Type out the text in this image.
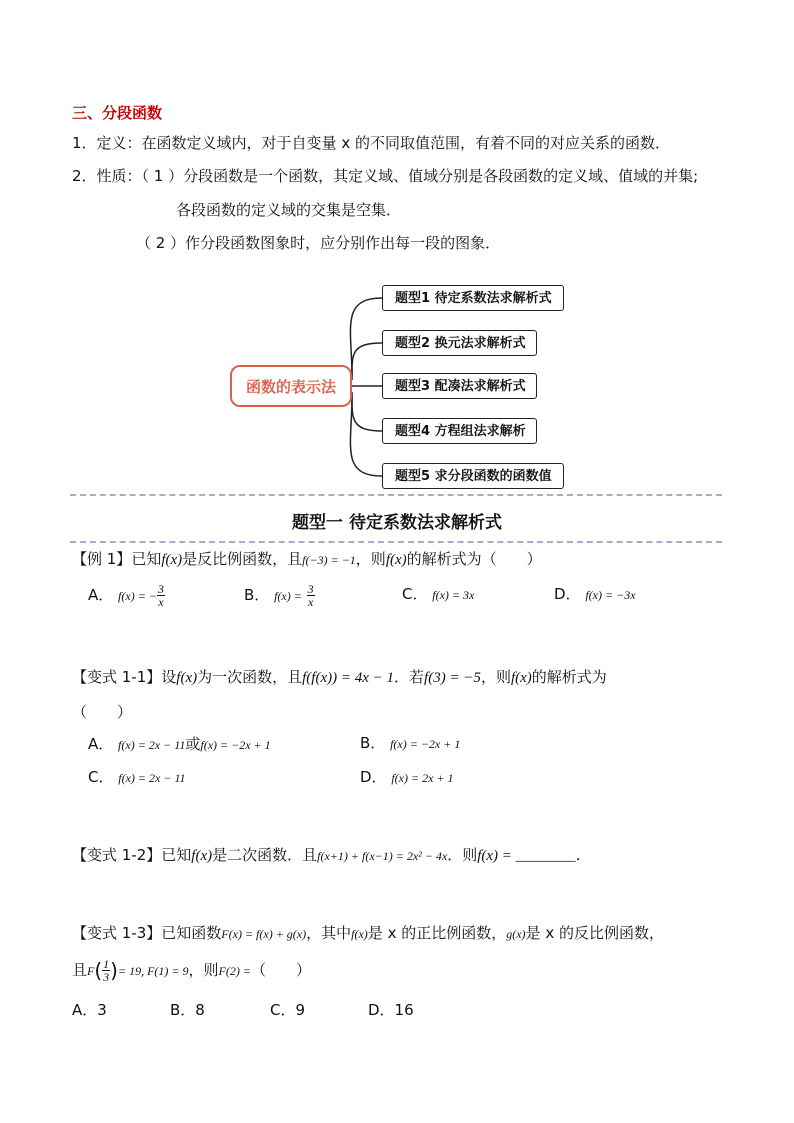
三、分段函数
1．定义：在函数定义域内，对于自变量 x 的不同取值范围，有着不同的对应关系的函数．
2．性质：（ 1 ）分段函数是一个函数，其定义域、值域分别是各段函数的定义域、值域的并集;
各段函数的定义域的交集是空集．
（ 2 ）作分段函数图象时，应分别作出每一段的图象．
函数的表示法
题型1 待定系数法求解析式
题型2 换元法求解析式
题型3 配凑法求解析式
题型4 方程组法求解析
题型5 求分段函数的函数值
题型一 待定系数法求解析式
【例 1】已知f(x)是反比例函数，且f(−3) = −1，则f(x)的解析式为（　　）
A． f(x) = − $\frac{3}{x}$	B． $f(x) = \frac{3}{x}$	C． f(x) = 3x	D． f(x) = −3x
【变式 1-1】设f(x)为一次函数，且f(f(x)) = 4x − 1．若f(3) = −5，则f(x)的解析式为
（　　）
A． f(x) = 2x − 11或f(x) = −2x + 1	B． f(x) = −2x + 1
C． f(x) = 2x − 11	D． f(x) = 2x + 1
【变式 1-2】已知f(x)是二次函数．且f(x+1) + f(x−1) = 2x² − 4x．则f(x) = ________．
【变式 1-3】已知函数F(x) = f(x) + g(x)，其中f(x)是 x 的正比例函数，g(x)是 x 的反比例函数，
且$F( \frac{1}{3}$ )= 19, F(1) = 9，则F(2) =（　　）
A．3	B．8	C．9	D．16
